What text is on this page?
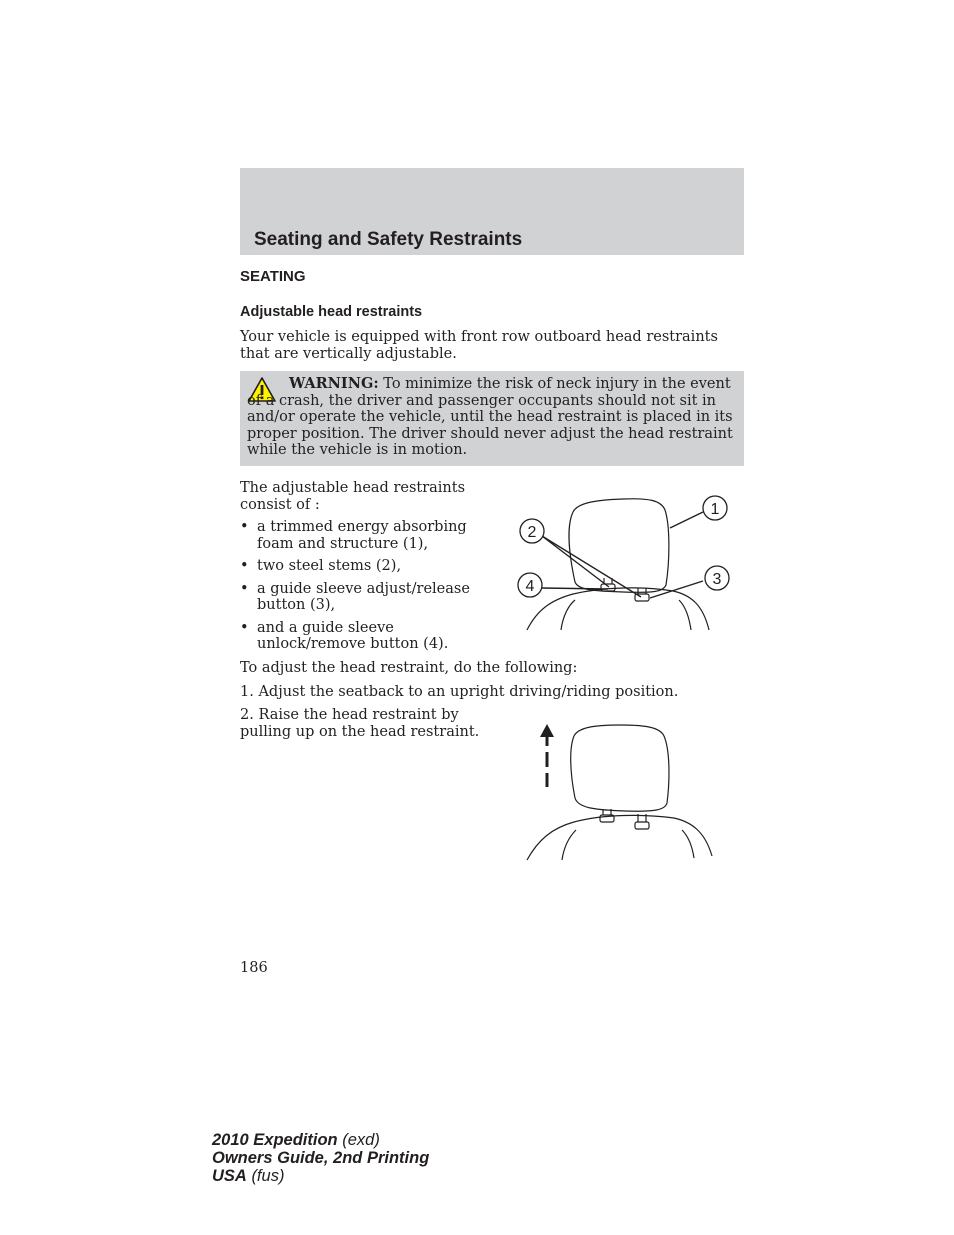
Seating and Safety Restraints
SEATING
Adjustable head restraints

Your vehicle is equipped with front row outboard head restraints that are vertically adjustable.

WARNING: To minimize the risk of neck injury in the event of a crash, the driver and passenger occupants should not sit in and/or operate the vehicle, until the head restraint is placed in its proper position. The driver should never adjust the head restraint while the vehicle is in motion.

The adjustable head restraints consist of :

• a trimmed energy absorbing foam and structure (1),
• two steel stems (2),
• a guide sleeve adjust/release button (3),
• and a guide sleeve unlock/remove button (4).
1
2
3
4

To adjust the head restraint, do the following:

1. Adjust the seatback to an upright driving/riding position.

2. Raise the head restraint by pulling up on the head restraint.

186

2010 Expedition (exd)
Owners Guide, 2nd Printing
USA (fus)
